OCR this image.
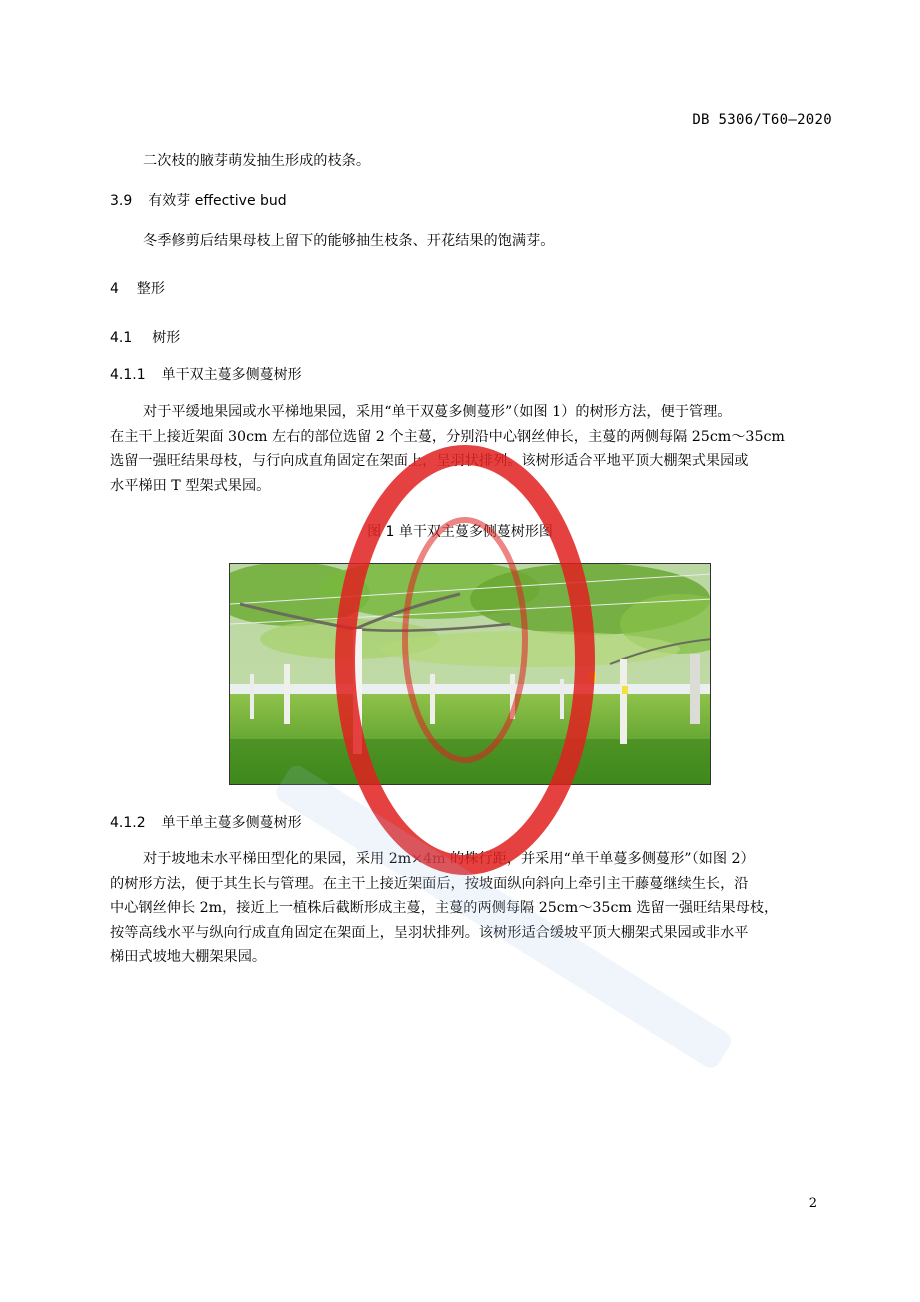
DB 5306/T60—2020
二次枝的腋芽萌发抽生形成的枝条。
3.9 有效芽 effective bud
冬季修剪后结果母枝上留下的能够抽生枝条、开花结果的饱满芽。
4 整形
4.1 树形
4.1.1 单干双主蔓多侧蔓树形
对于平缓地果园或水平梯地果园，采用“单干双蔓多侧蔓形”（如图 1）的树形方法，便于管理。
在主干上接近架面 30cm 左右的部位选留 2 个主蔓，分别沿中心钢丝伸长，主蔓的两侧每隔 25cm～35cm
选留一强旺结果母枝，与行向成直角固定在架面上，呈羽状排列。该树形适合平地平顶大棚架式果园或
水平梯田 T 型架式果园。
图 1 单干双主蔓多侧蔓树形图
4.1.2 单干单主蔓多侧蔓树形
对于坡地未水平梯田型化的果园，采用 2m×4m 的株行距，并采用“单干单蔓多侧蔓形”（如图 2）
的树形方法，便于其生长与管理。在主干上接近架面后，按坡面纵向斜向上牵引主干藤蔓继续生长，沿
中心钢丝伸长 2m，接近上一植株后截断形成主蔓，主蔓的两侧每隔 25cm～35cm 选留一强旺结果母枝，
按等高线水平与纵向行成直角固定在架面上，呈羽状排列。该树形适合缓坡平顶大棚架式果园或非水平
梯田式坡地大棚架果园。
2
